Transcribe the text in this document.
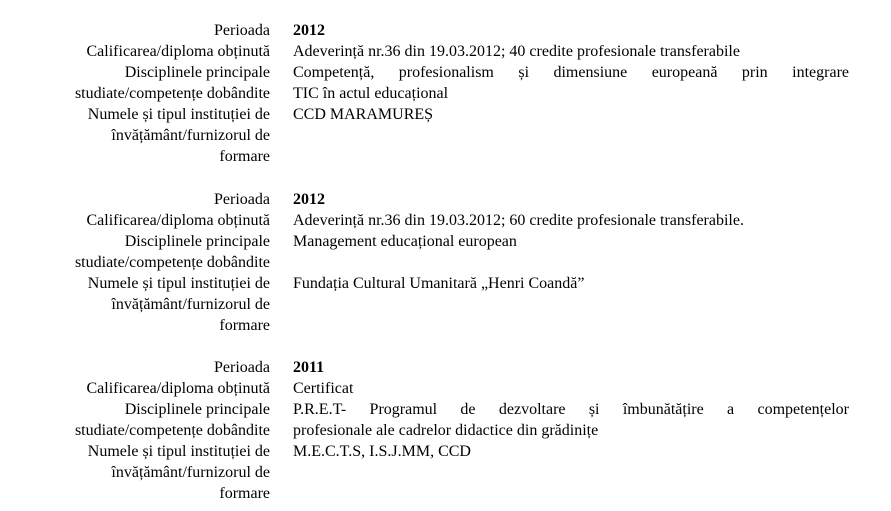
Perioada
Calificarea/diploma obținută
Disciplinele principale
studiate/competențe dobândite
Numele și tipul instituției de
învățământ/furnizorul de
formare
2012
Adeverință nr.36 din 19.03.2012; 40 credite profesionale transferabile
Competență, profesionalism și dimensiune europeană prin integrare
TIC în actul educațional
CCD MARAMUREȘ
Perioada
Calificarea/diploma obținută
Disciplinele principale
studiate/competențe dobândite
Numele și tipul instituției de
învățământ/furnizorul de
formare
2012
Adeverință nr.36 din 19.03.2012; 60 credite profesionale transferabile.
Management educațional european
Fundația Cultural Umanitară „Henri Coandă”
Perioada
Calificarea/diploma obținută
Disciplinele principale
studiate/competențe dobândite
Numele și tipul instituției de
învățământ/furnizorul de
formare
2011
Certificat
P.R.E.T- Programul de dezvoltare și îmbunătățire a competențelor
profesionale ale cadrelor didactice din grădinițe
M.E.C.T.S, I.S.J.MM, CCD
